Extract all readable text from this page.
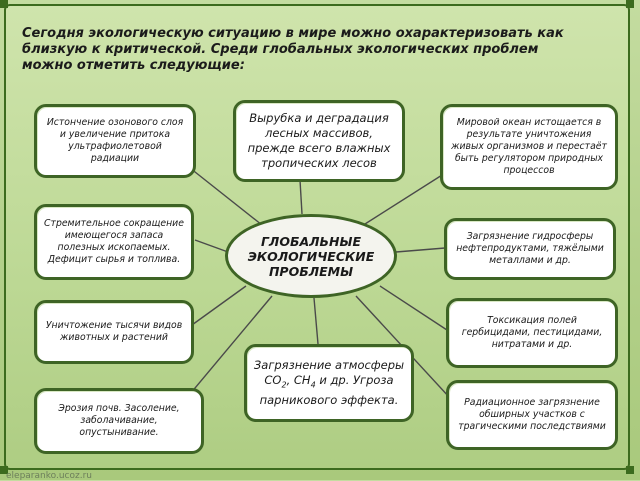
Сегодня экологическую ситуацию в мире можно охарактеризовать как близкую к критической. Среди глобальных экологических проблем можно отметить следующие:
Истончение озонового слоя и увеличение притока ультрафиолетовой радиации
Вырубка и деградация лесных массивов, прежде всего влажных тропических лесов
Мировой океан истощается в результате уничтожения живых организмов и перестаёт быть регулятором природных процессов
Стремительное сокращение имеющегося запаса полезных ископаемых. Дефицит сырья и топлива.
ГЛОБАЛЬНЫЕ ЭКОЛОГИЧЕСКИЕ ПРОБЛЕМЫ
Загрязнение гидросферы нефтепродуктами, тяжёлыми металлами и др.
Уничтожение тысячи видов животных и растений
Токсикация полей гербицидами, пестицидами, нитратами и др.
Загрязнение атмосферы $CO_2$, $CH_4$ и др. Угроза парникового эффекта.
Эрозия почв. Засоление, заболачивание, опустынивание.
Радиационное загрязнение обширных участков с трагическими последствиями
eleparanko.ucoz.ru
